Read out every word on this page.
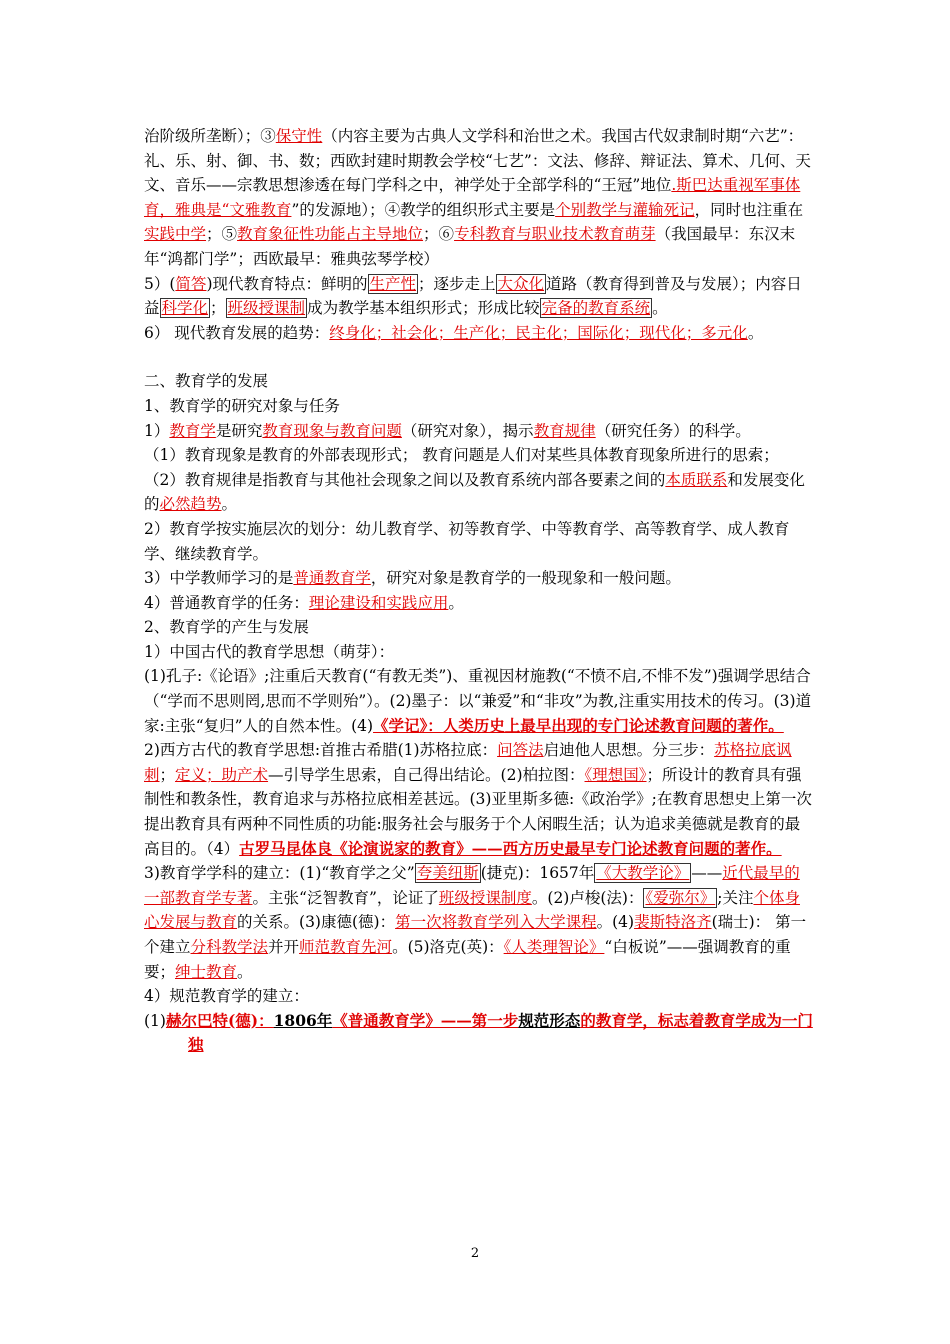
治阶级所垄断）；③保守性（内容主要为古典人文学科和治世之术。我国古代奴隶制时期“六艺”：礼、乐、射、御、书、数；西欧封建时期教会学校“七艺”：文法、修辞、辩证法、算术、几何、天文、音乐——宗教思想渗透在每门学科之中，神学处于全部学科的“王冠”地位.斯巴达重视军事体育，雅典是“文雅教育”的发源地）；④教学的组织形式主要是个别教学与灌输死记，同时也注重在实践中学；⑤教育象征性功能占主导地位；⑥专科教育与职业技术教育萌芽（我国最早：东汉末年“鸿都门学”；西欧最早：雅典弦琴学校）

5）(简答)现代教育特点：鲜明的 生产性 ；逐步走上 大众化 道路（教育得到普及与发展）；内容日益 科学化 ； 班级授课制 成为教学基本组织形式；形成比较 完备的教育系统 。

6） 现代教育发展的趋势：终身化；社会化；生产化；民主化；国际化；现代化；多元化。

二、教育学的发展

1、教育学的研究对象与任务

1）教育学是研究教育现象与教育问题（研究对象），揭示教育规律（研究任务）的科学。

（1）教育现象是教育的外部表现形式； 教育问题是人们对某些具体教育现象所进行的思索；

（2）教育规律是指教育与其他社会现象之间以及教育系统内部各要素之间的本质联系和发展变化的必然趋势。

2）教育学按实施层次的划分：幼儿教育学、初等教育学、中等教育学、高等教育学、成人教育学、继续教育学。

3）中学教师学习的是普通教育学，研究对象是教育学的一般现象和一般问题。

4）普通教育学的任务：理论建设和实践应用。

2、教育学的产生与发展

1）中国古代的教育学思想（萌芽）：

(1)孔子:《论语》;注重后天教育(“有教无类”)、重视因材施教(“不愤不启,不悱不发”)强调学思结合（“学而不思则罔,思而不学则殆”）。(2)墨子：以“兼爱”和“非攻”为教,注重实用技术的传习。(3)道家:主张“复归”人的自然本性。(4)《学记》：人类历史上最早出现的专门论述教育问题的著作。

2)西方古代的教育学思想:首推古希腊(1)苏格拉底：问答法启迪他人思想。分三步：苏格拉底讽刺；定义；助产术—引导学生思索，自己得出结论。(2)柏拉图：《理想国》；所设计的教育具有强制性和教条性，教育追求与苏格拉底相差甚远。(3)亚里斯多德:《政治学》;在教育思想史上第一次提出教育具有两种不同性质的功能:服务社会与服务于个人闲暇生活；认为追求美德就是教育的最高目的。（4）古罗马昆体良《论演说家的教育》——西方历史最早专门论述教育问题的著作。

3)教育学学科的建立：(1)“教育学之父” 夸美纽斯 (捷克)：1657年 《大教学论》 ——近代最早的一部教育学专著。主张“泛智教育”，论证了班级授课制度。(2)卢梭(法)： 《爱弥尔》 ;关注个体身心发展与教育的关系。(3)康德(德)：第一次将教育学列入大学课程。(4)裴斯特洛齐(瑞士)： 第一个建立分科教学法并开师范教育先河。(5)洛克(英)：《人类理智论》“白板说”——强调教育的重要；绅士教育。

4）规范教育学的建立：

(1)赫尔巴特(德)：1806年《普通教育学》——第一步规范形态的教育学，标志着教育学成为一门独

2
